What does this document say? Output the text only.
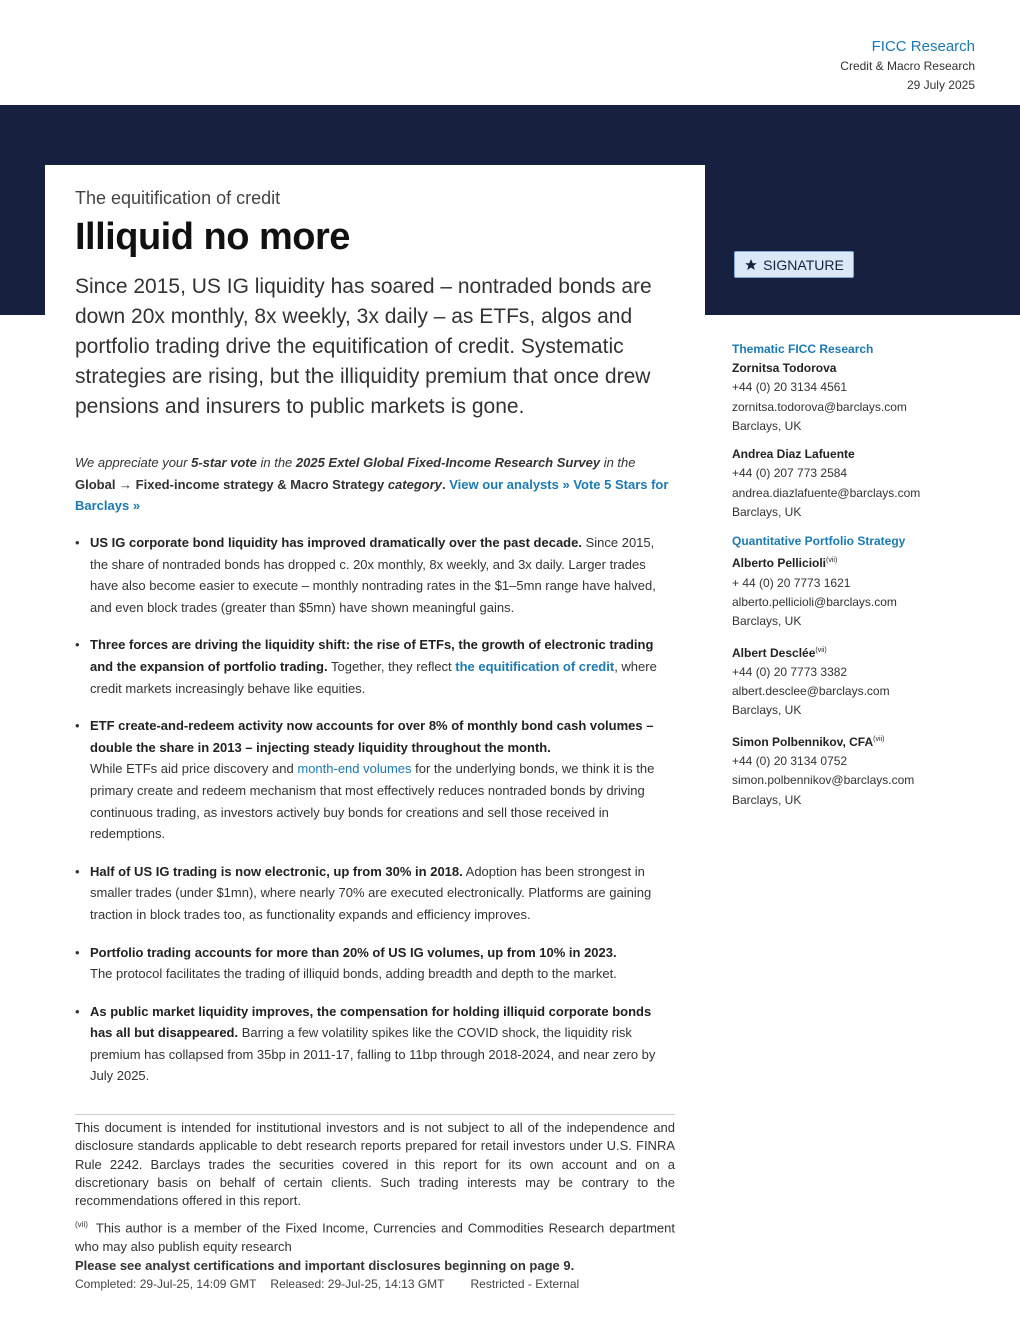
FICC Research
Credit & Macro Research
29 July 2025
The equitification of credit
Illiquid no more

Since 2015, US IG liquidity has soared – nontraded bonds are down 20x monthly, 8x weekly, 3x daily – as ETFs, algos and portfolio trading drive the equitification of credit. Systematic strategies are rising, but the illiquidity premium that once drew pensions and insurers to public markets is gone.

SIGNATURE

We appreciate your 5-star vote in the 2025 Extel Global Fixed-Income Research Survey in the Global → Fixed-income strategy & Macro Strategy category. View our analysts » Vote 5 Stars for Barclays »

• US IG corporate bond liquidity has improved dramatically over the past decade. Since 2015, the share of nontraded bonds has dropped c. 20x monthly, 8x weekly, and 3x daily. Larger trades have also become easier to execute – monthly nontrading rates in the $1–5mn range have halved, and even block trades (greater than $5mn) have shown meaningful gains.
• Three forces are driving the liquidity shift: the rise of ETFs, the growth of electronic trading and the expansion of portfolio trading. Together, they reflect the equitification of credit, where credit markets increasingly behave like equities.
• ETF create-and-redeem activity now accounts for over 8% of monthly bond cash volumes – double the share in 2013 – injecting steady liquidity throughout the month.
While ETFs aid price discovery and month-end volumes for the underlying bonds, we think it is the primary create and redeem mechanism that most effectively reduces nontraded bonds by driving continuous trading, as investors actively buy bonds for creations and sell those received in redemptions.
• Half of US IG trading is now electronic, up from 30% in 2018. Adoption has been strongest in smaller trades (under $1mn), where nearly 70% are executed electronically. Platforms are gaining traction in block trades too, as functionality expands and efficiency improves.
• Portfolio trading accounts for more than 20% of US IG volumes, up from 10% in 2023.
The protocol facilitates the trading of illiquid bonds, adding breadth and depth to the market.
• As public market liquidity improves, the compensation for holding illiquid corporate bonds has all but disappeared. Barring a few volatility spikes like the COVID shock, the liquidity risk premium has collapsed from 35bp in 2011-17, falling to 11bp through 2018-2024, and near zero by July 2025.

This document is intended for institutional investors and is not subject to all of the independence and disclosure standards applicable to debt research reports prepared for retail investors under U.S. FINRA Rule 2242. Barclays trades the securities covered in this report for its own account and on a discretionary basis on behalf of certain clients. Such trading interests may be contrary to the recommendations offered in this report.

$^{(vii)}$ This author is a member of the Fixed Income, Currencies and Commodities Research department who may also publish equity research

Please see analyst certifications and important disclosures beginning on page 9.
Completed: 29-Jul-25, 14:09 GMT Released: 29-Jul-25, 14:13 GMT Restricted - External
Thematic FICC Research
Zornitsa Todorova
+44 (0) 20 3134 4561
zornitsa.todorova@barclays.com
Barclays, UK
Andrea Diaz Lafuente
+44 (0) 207 773 2584
andrea.diazlafuente@barclays.com
Barclays, UK
Quantitative Portfolio Strategy
Alberto Pellicioli$^{(vii)}$
+ 44 (0) 20 7773 1621
alberto.pellicioli@barclays.com
Barclays, UK
Albert Desclée$^{(vii)}$
+44 (0) 20 7773 3382
albert.desclee@barclays.com
Barclays, UK
Simon Polbennikov, $CFA^{(vii)}$
+44 (0) 20 3134 0752
simon.polbennikov@barclays.com
Barclays, UK
